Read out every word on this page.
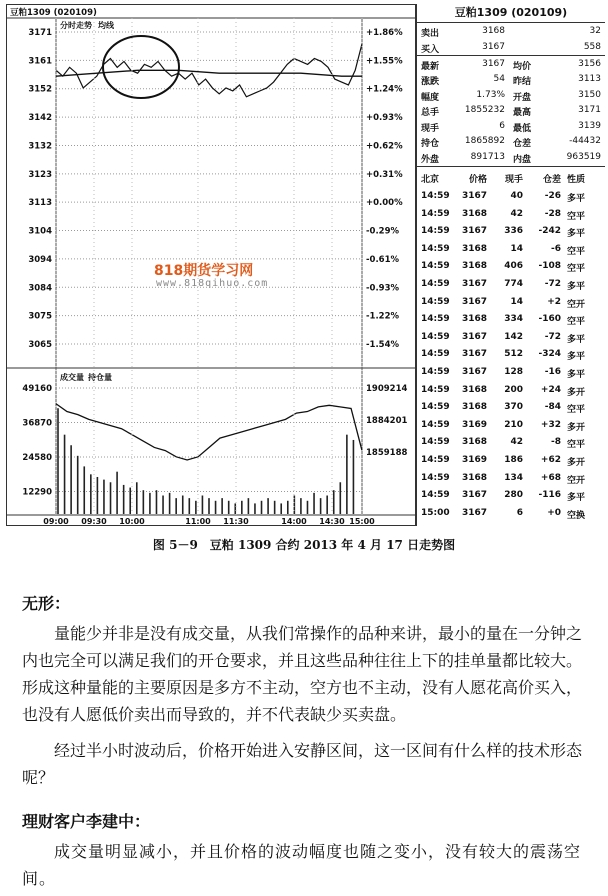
豆粕1309 (020109)
分时走势 均线
成交量 持仓量
3171	+1.86%
3161	+1.55%
3152	+1.24%
3142	+0.93%
3132	+0.62%
3123	+0.31%
3113	+0.00%
3104	-0.29%
3094	-0.61%
3084	-0.93%
3075	-1.22%
3065	-1.54%
49160
36870
24580
12290
1909214
1884201
1859188
09:00 09:30 10:00	11:00 11:30	14:00 14:30 15:00
豆粕1309 (020109)
卖出	3168	32
买入	3167	558
最新	3167 均价	3156
涨跌	54 昨结	3113
幅度	1.73% 开盘	3150
总手	1855232 最高	3171
现手	6 最低	3139
持仓	1865892 仓差	-44432
外盘	891713 内盘	963519
北京	价格	现手	仓差 性质
14:59	3167	40	-26 多平
14:59	3168	42	-28 空平
14:59	3167	336	-242 多平
14:59	3168	14	-6 空平
14:59	3168	406	-108 空平
14:59	3167	774	-72 多平
14:59	3167	14	+2 空开
14:59	3168	334	-160 空平
14:59	3167	142	-72 多平
14:59	3167	512	-324 多平
14:59	3167	128	-16 多平
14:59	3168	200	+24 多开
14:59	3168	370	-84 空平
14:59	3169	210	+32 多开
14:59	3168	42	-8 空平
14:59	3169	186	+62 多开
14:59	3168	134	+68 空开
14:59	3167	280	-116 多平
15:00	3167	6	+0 空换
818期货学习网
www.818qihuo.com
图 5－9　豆粕 1309 合约 2013 年 4 月 17 日走势图
无形：
量能少并非是没有成交量，从我们常操作的品种来讲，最小的量在一分钟之内也完全可以满足我们的开仓要求，并且这些品种往往上下的挂单量都比较大。形成这种量能的主要原因是多方不主动，空方也不主动，没有人愿花高价买入，也没有人愿低价卖出而导致的，并不代表缺少买卖盘。
经过半小时波动后，价格开始进入安静区间，这一区间有什么样的技术形态呢？
理财客户李建中：
成交量明显减小，并且价格的波动幅度也随之变小，没有较大的震荡空间。
